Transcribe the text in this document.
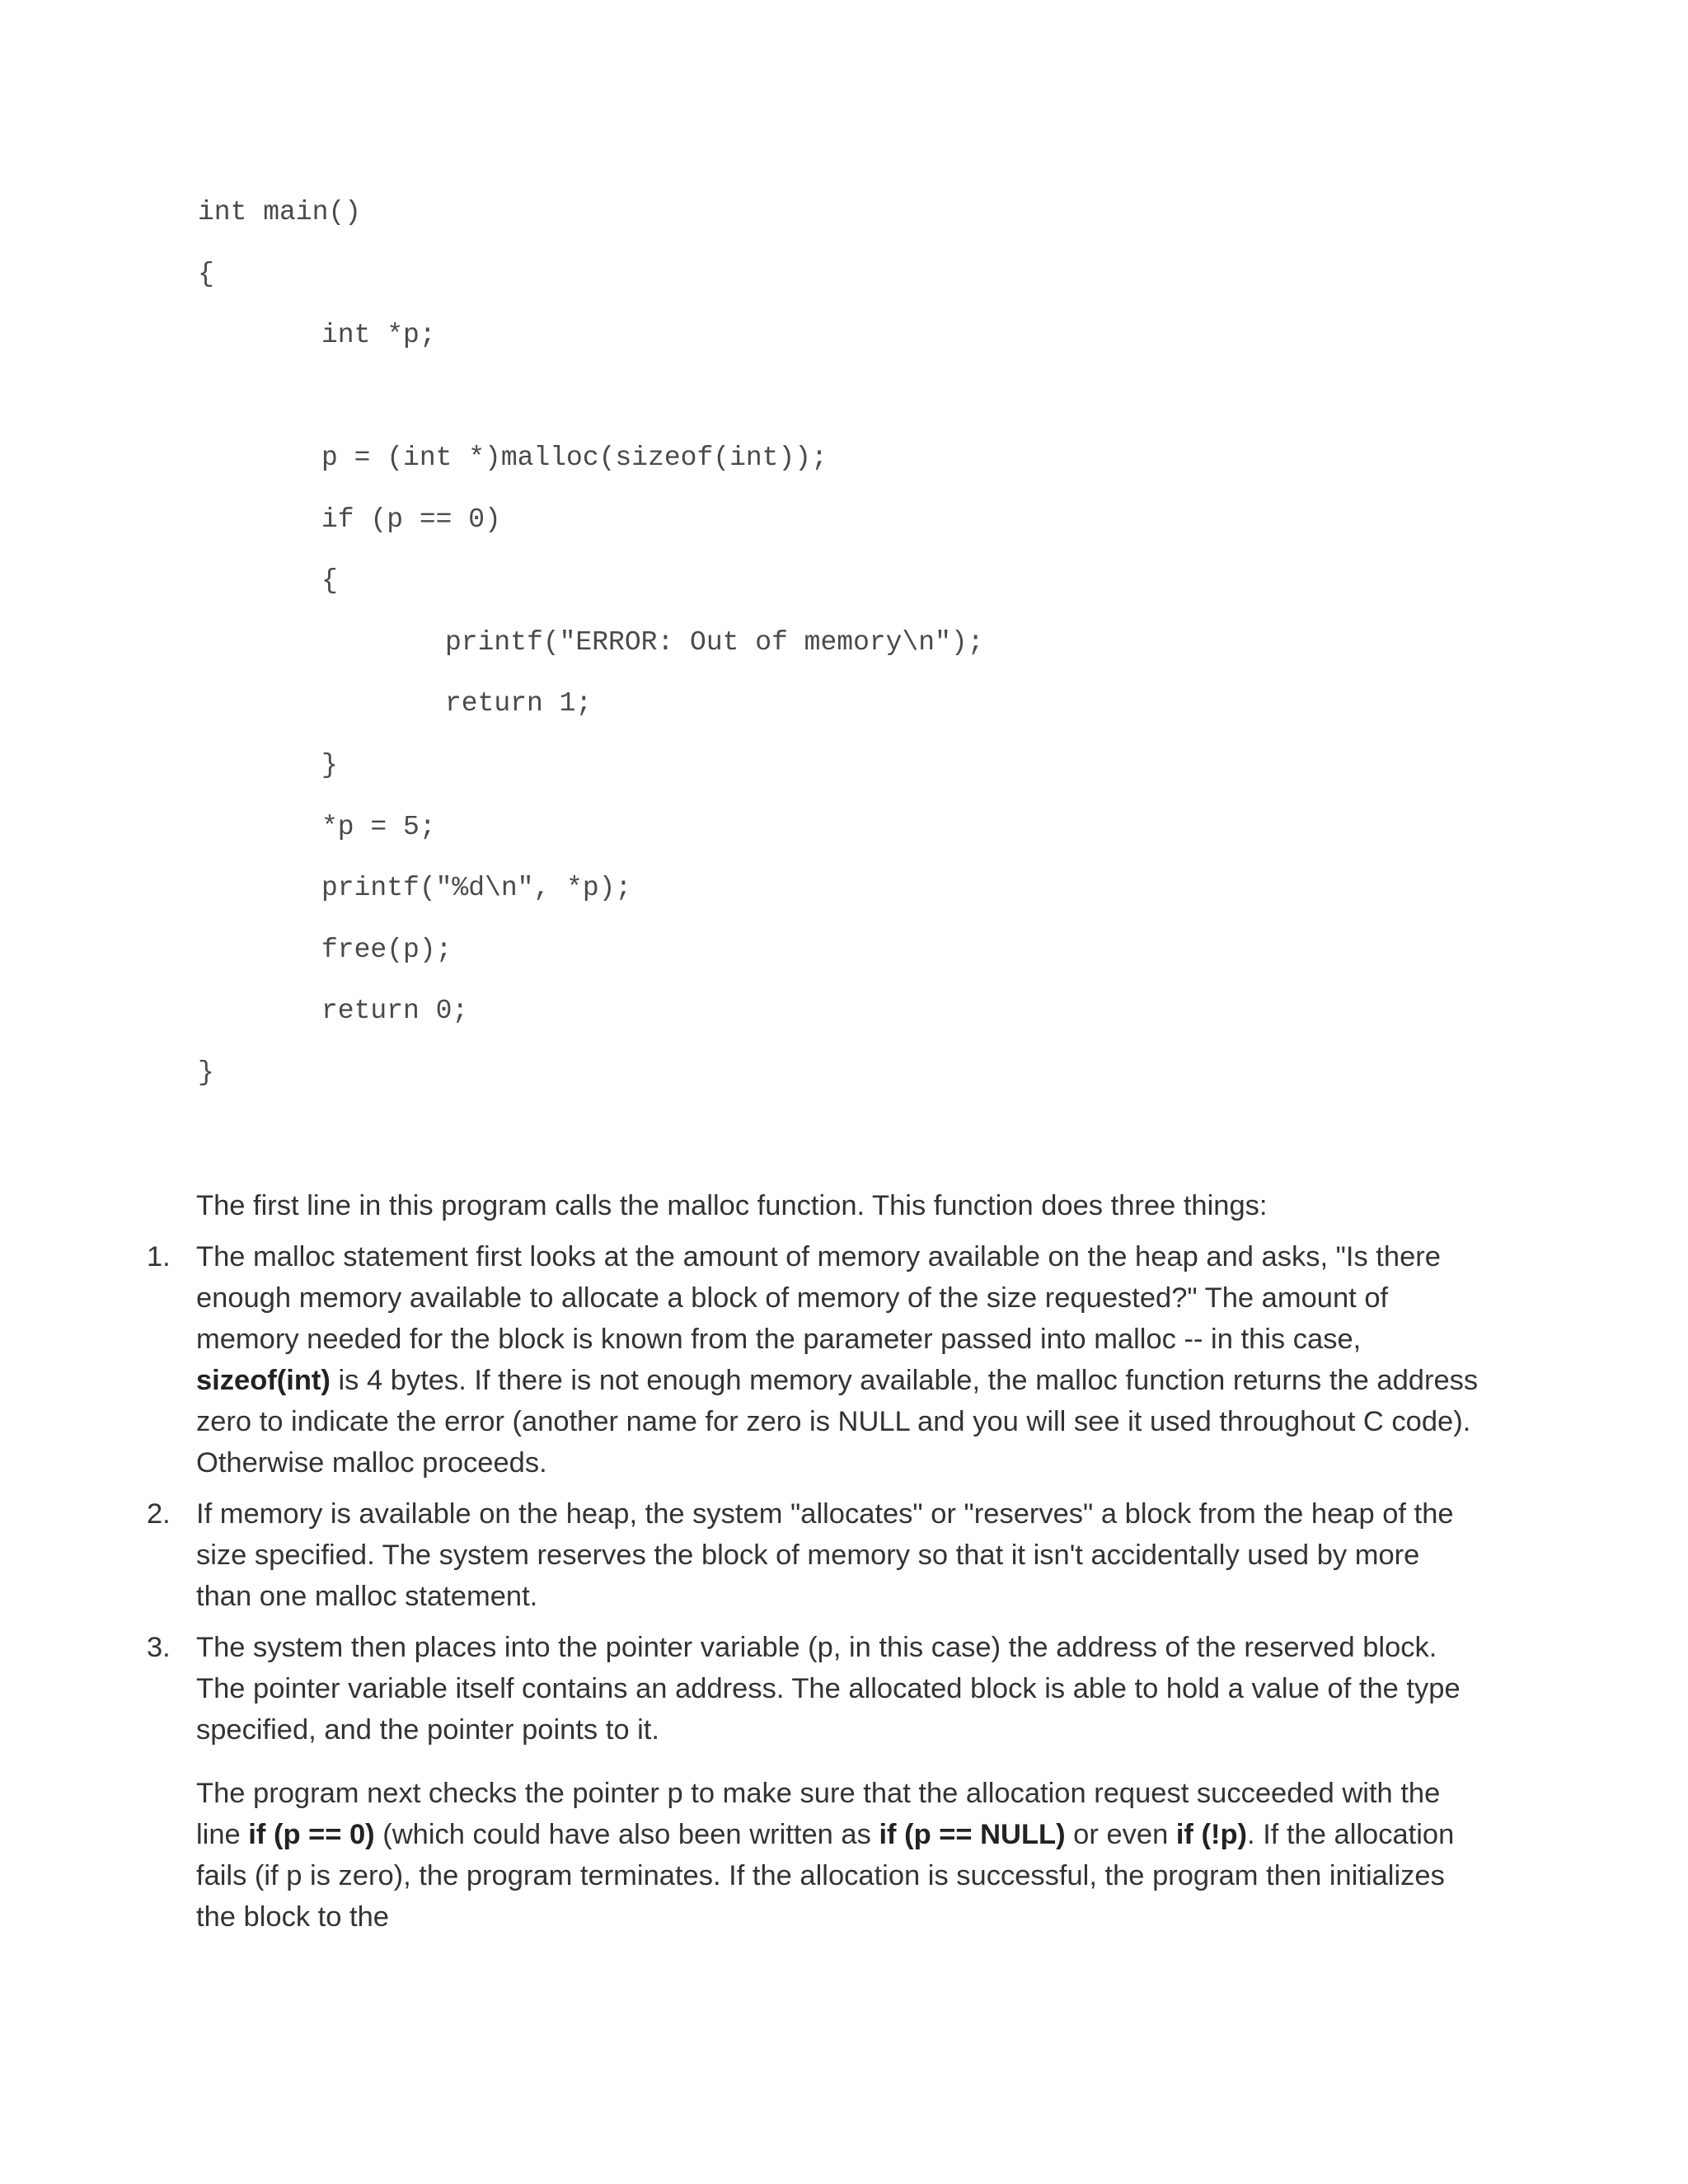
int main()
{
int *p;
p = (int *)malloc(sizeof(int));
if (p == 0)
{
printf("ERROR: Out of memory\n");
return 1;
}
*p = 5;
printf("%d\n", *p);
free(p);
return 0;
}

The first line in this program calls the malloc function. This function does three things:

1. The malloc statement first looks at the amount of memory available on the heap and asks, "Is there enough memory available to allocate a block of memory of the size requested?" The amount of memory needed for the block is known from the parameter passed into malloc -- in this case, sizeof(int) is 4 bytes. If there is not enough memory available, the malloc function returns the address zero to indicate the error (another name for zero is NULL and you will see it used throughout C code). Otherwise malloc proceeds.
2. If memory is available on the heap, the system "allocates" or "reserves" a block from the heap of the size specified. The system reserves the block of memory so that it isn't accidentally used by more than one malloc statement.
3. The system then places into the pointer variable (p, in this case) the address of the reserved block. The pointer variable itself contains an address. The allocated block is able to hold a value of the type specified, and the pointer points to it.

The program next checks the pointer p to make sure that the allocation request succeeded with the line if (p == 0) (which could have also been written as if (p == NULL) or even if (!p). If the allocation fails (if p is zero), the program terminates. If the allocation is successful, the program then initializes the block to the
